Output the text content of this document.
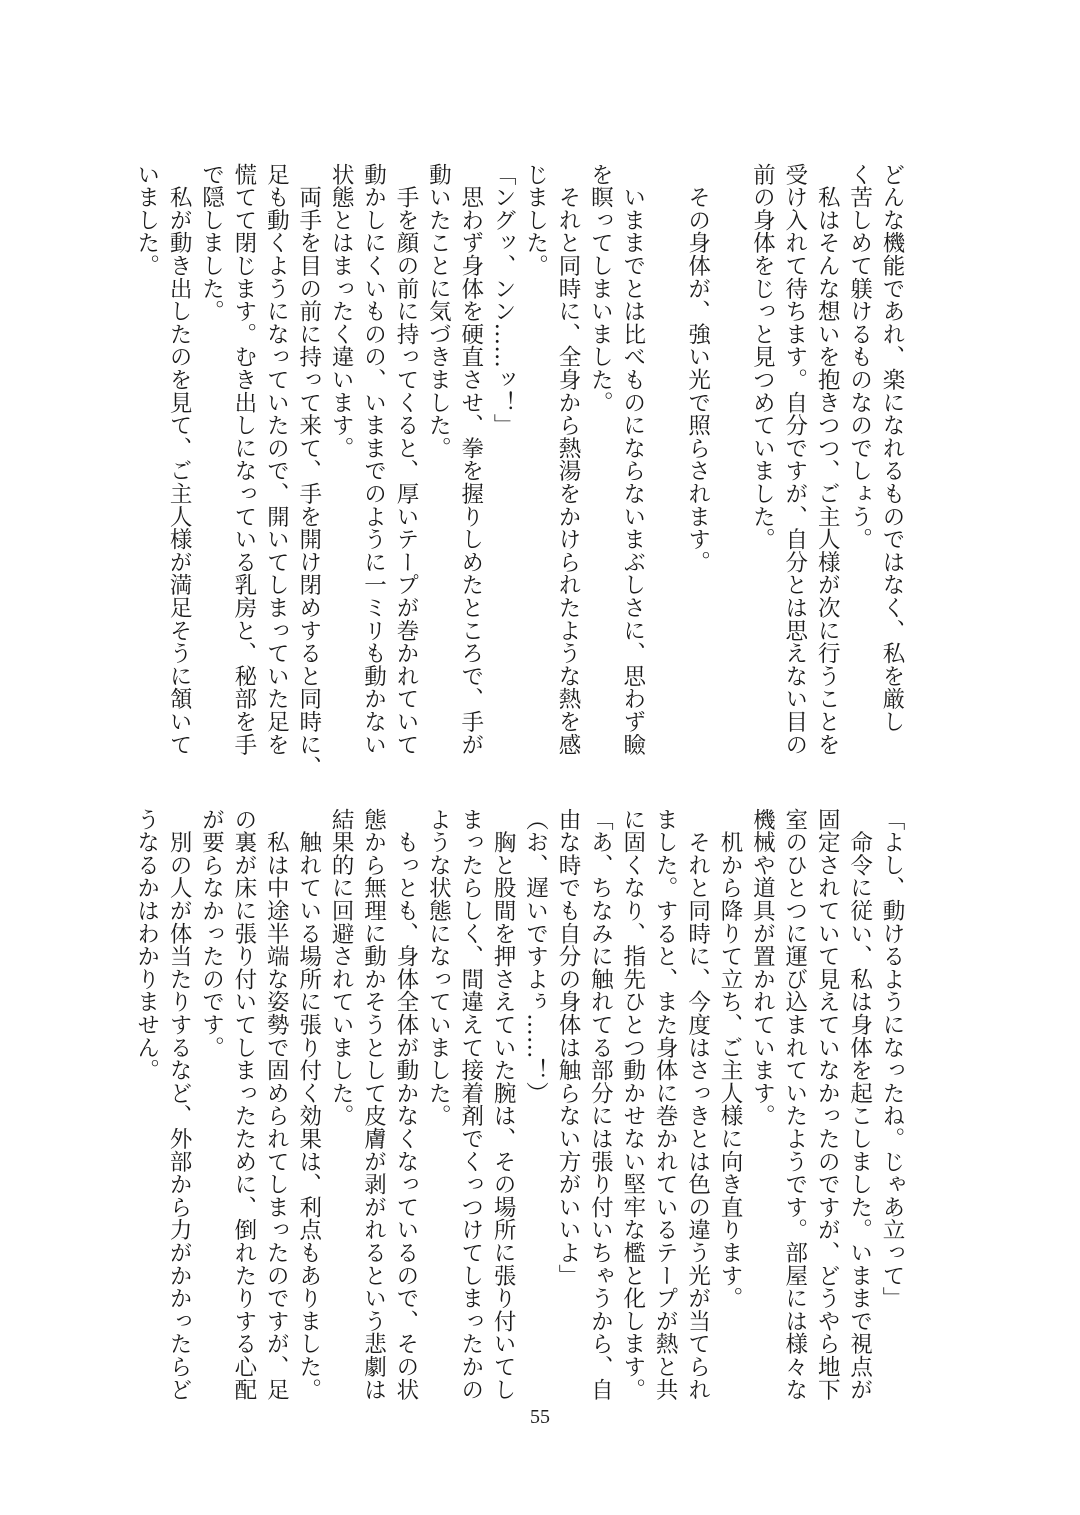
どんな機能であれ、楽になれるものではなく、私を厳し

く苦しめて躾けるものなのでしょう。

　私はそんな想いを抱きつつ、ご主人様が次に行うことを

受け入れて待ちます。自分ですが、自分とは思えない目の

前の身体をじっと見つめていました。

　その身体が、強い光で照らされます。

　いままでとは比べものにならないまぶしさに、思わず瞼

を瞑ってしまいました。

　それと同時に、全身から熱湯をかけられたような熱を感

じました。

「ングッ、ンン……ッ！」

　思わず身体を硬直させ、拳を握りしめたところで、手が

動いたことに気づきました。

　手を顔の前に持ってくると、厚いテープが巻かれていて

動かしにくいものの、いままでのように一ミリも動かない

状態とはまったく違います。

　両手を目の前に持って来て、手を開け閉めすると同時に、

足も動くようになっていたので、開いてしまっていた足を

慌てて閉じます。むき出しになっている乳房と、秘部を手

で隠しました。

　私が動き出したのを見て、ご主人様が満足そうに頷いて

いました。

「よし、動けるようになったね。じゃあ立って」

　命令に従い、私は身体を起こしました。いままで視点が

固定されていて見えていなかったのですが、どうやら地下

室のひとつに運び込まれていたようです。部屋には様々な

機械や道具が置かれています。

　机から降りて立ち、ご主人様に向き直ります。

　それと同時に、今度はさっきとは色の違う光が当てられ

ました。すると、また身体に巻かれているテープが熱と共

に固くなり、指先ひとつ動かせない堅牢な檻と化します。

「あ、ちなみに触れてる部分には張り付いちゃうから、自

由な時でも自分の身体は触らない方がいいよ」

（お、遅いですよぅ……！）

　胸と股間を押さえていた腕は、その場所に張り付いてし

まったらしく、間違えて接着剤でくっつけてしまったかの

ような状態になっていました。

　もっとも、身体全体が動かなくなっているので、その状

態から無理に動かそうとして皮膚が剥がれるという悲劇は

結果的に回避されていました。

　触れている場所に張り付く効果は、利点もありました。

　私は中途半端な姿勢で固められてしまったのですが、足

の裏が床に張り付いてしまったために、倒れたりする心配

が要らなかったのです。

　別の人が体当たりするなど、外部から力がかかったらど

うなるかはわかりません。

55
